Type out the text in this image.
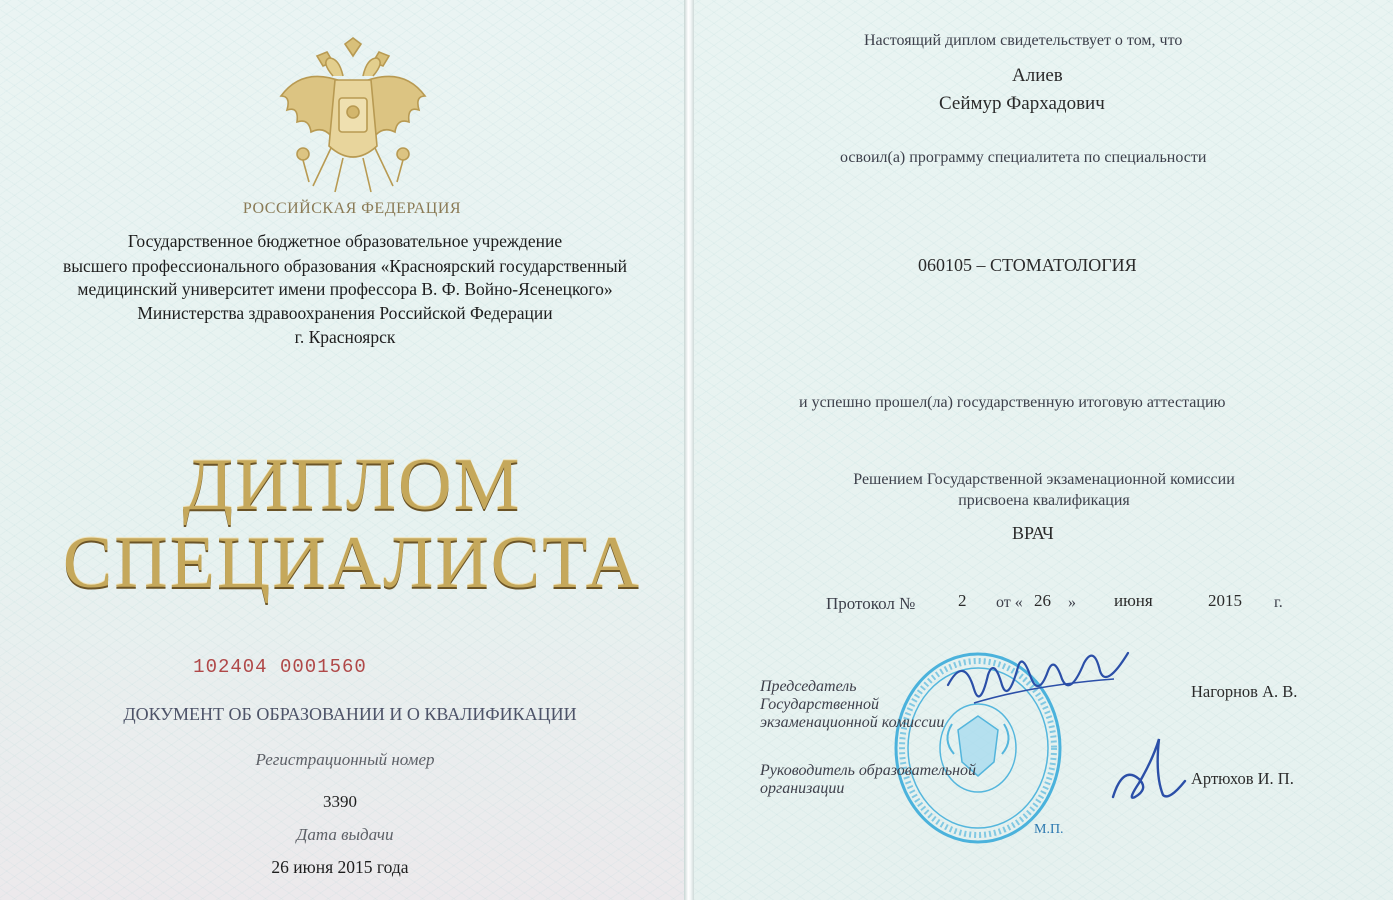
РОССИЙСКАЯ ФЕДЕРАЦИЯ

Государственное бюджетное образовательное учреждение

высшего профессионального образования «Красноярский государственный

медицинский университет имени профессора В. Ф. Войно-Ясенецкого»

Министерства здравоохранения Российской Федерации

г. Красноярск

ДИПЛОМ
СПЕЦИАЛИСТА

102404 0001560

ДОКУМЕНТ ОБ ОБРАЗОВАНИИ И О КВАЛИФИКАЦИИ

Регистрационный номер

3390

Дата выдачи

26 июня 2015 года

Настоящий диплом свидетельствует о том, что

Алиев

Сеймур Фархадович

освоил(а) программу специалитета по специальности

060105 – СТОМАТОЛОГИЯ

и успешно прошел(ла) государственную итоговую аттестацию

Решением Государственной экзаменационной комиссии

присвоена квалификация

ВРАЧ

Протокол №	2 от « 26 » июня	2015 г.

Председатель

Государственной

экзаменационной комиссии

Нагорнов А. В.

Руководитель образовательной

организации

Артюхов И. П.

М.П.
